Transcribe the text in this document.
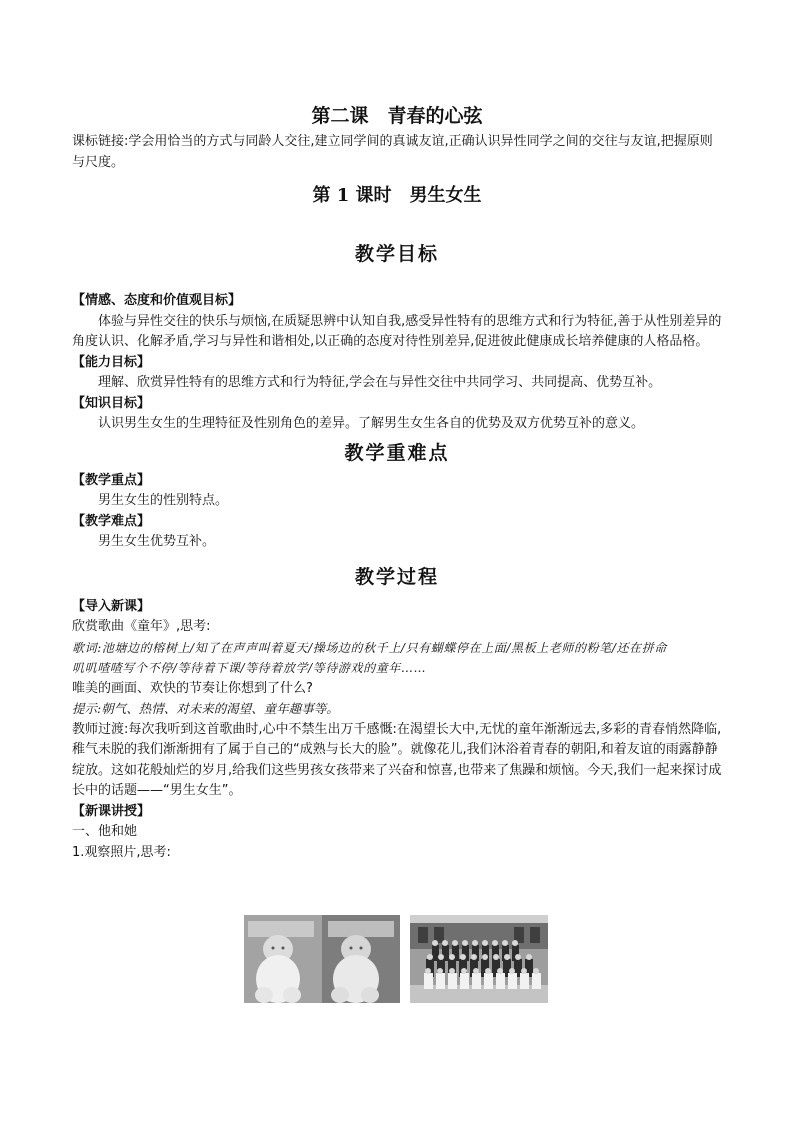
第二课　青春的心弦

课标链接:学会用恰当的方式与同龄人交往,建立同学间的真诚友谊,正确认识异性同学之间的交往与友谊,把握原则与尺度。

第 1 课时　男生女生
教学目标

【情感、态度和价值观目标】

体验与异性交往的快乐与烦恼,在质疑思辨中认知自我,感受异性特有的思维方式和行为特征,善于从性别差异的角度认识、化解矛盾,学习与异性和谐相处,以正确的态度对待性别差异,促进彼此健康成长培养健康的人格品格。

【能力目标】

理解、欣赏异性特有的思维方式和行为特征,学会在与异性交往中共同学习、共同提高、优势互补。

【知识目标】

认识男生女生的生理特征及性别角色的差异。了解男生女生各自的优势及双方优势互补的意义。

教学重难点

【教学重点】

男生女生的性别特点。

【教学难点】

男生女生优势互补。

教学过程

【导入新课】

欣赏歌曲《童年》,思考:

歌词:池塘边的榕树上/知了在声声叫着夏天/操场边的秋千上/只有蝴蝶停在上面/黑板上老师的粉笔/还在拼命

叽叽喳喳写个不停/等待着下课/等待着放学/等待游戏的童年……

唯美的画面、欢快的节奏让你想到了什么?

提示:朝气、热情、对未来的渴望、童年趣事等。

教师过渡:每次我听到这首歌曲时,心中不禁生出万千感慨:在渴望长大中,无忧的童年渐渐远去,多彩的青春悄然降临,稚气未脱的我们渐渐拥有了属于自己的“成熟与长大的脸”。就像花儿,我们沐浴着青春的朝阳,和着友谊的雨露静静绽放。这如花般灿烂的岁月,给我们这些男孩女孩带来了兴奋和惊喜,也带来了焦躁和烦恼。今天,我们一起来探讨成长中的话题——“男生女生”。

【新课讲授】

一、他和她

1.观察照片,思考:
